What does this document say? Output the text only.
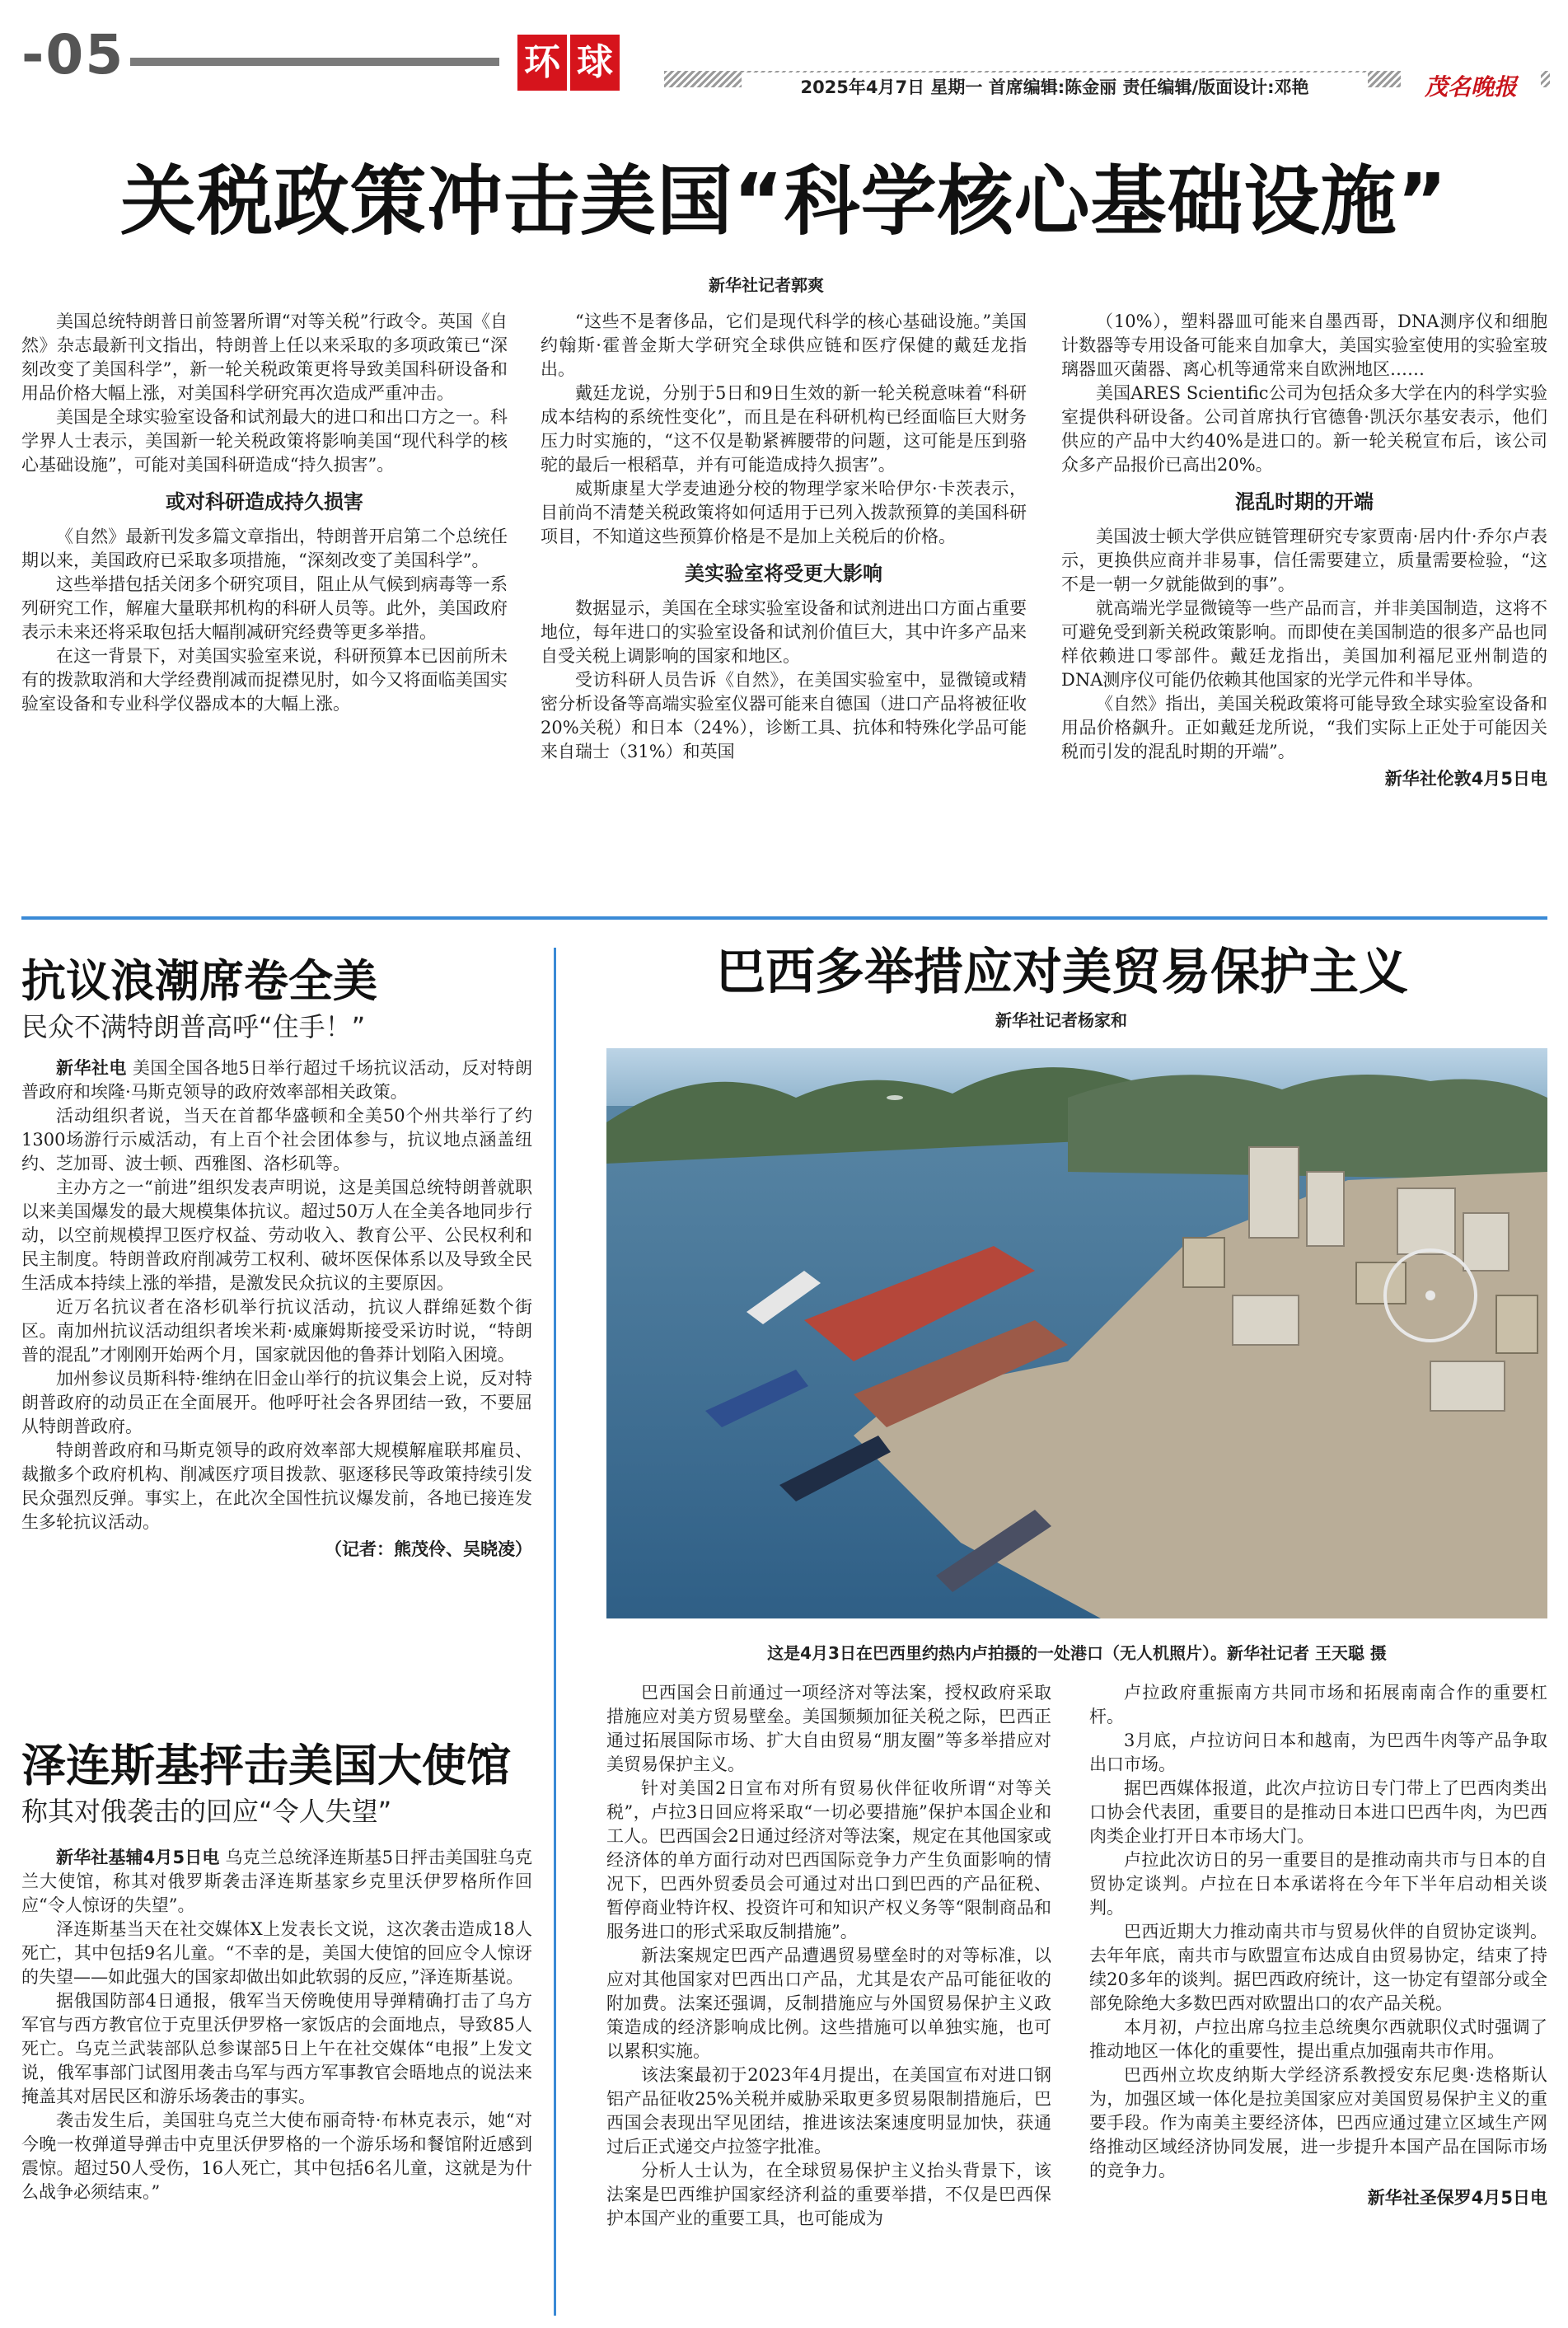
-05	环 球
2025年4月7日 星期一 首席编辑:陈金丽 责任编辑/版面设计:邓艳	茂名晚报
关税政策冲击美国“科学核心基础设施”
新华社记者郭爽

美国总统特朗普日前签署所谓“对等关税”行政令。英国《自然》杂志最新刊文指出，特朗普上任以来采取的多项政策已“深刻改变了美国科学”，新一轮关税政策更将导致美国科研设备和用品价格大幅上涨，对美国科学研究再次造成严重冲击。

美国是全球实验室设备和试剂最大的进口和出口方之一。科学界人士表示，美国新一轮关税政策将影响美国“现代科学的核心基础设施”，可能对美国科研造成“持久损害”。

或对科研造成持久损害

《自然》最新刊发多篇文章指出，特朗普开启第二个总统任期以来，美国政府已采取多项措施，“深刻改变了美国科学”。

这些举措包括关闭多个研究项目，阻止从气候到病毒等一系列研究工作，解雇大量联邦机构的科研人员等。此外，美国政府表示未来还将采取包括大幅削减研究经费等更多举措。

在这一背景下，对美国实验室来说，科研预算本已因前所未有的拨款取消和大学经费削减而捉襟见肘，如今又将面临美国实验室设备和专业科学仪器成本的大幅上涨。

“这些不是奢侈品，它们是现代科学的核心基础设施。”美国约翰斯·霍普金斯大学研究全球供应链和医疗保健的戴廷龙指出。

戴廷龙说，分别于5日和9日生效的新一轮关税意味着“科研成本结构的系统性变化”，而且是在科研机构已经面临巨大财务压力时实施的，“这不仅是勒紧裤腰带的问题，这可能是压到骆驼的最后一根稻草，并有可能造成持久损害”。

威斯康星大学麦迪逊分校的物理学家米哈伊尔·卡茨表示，目前尚不清楚关税政策将如何适用于已列入拨款预算的美国科研项目，不知道这些预算价格是不是加上关税后的价格。

美实验室将受更大影响

数据显示，美国在全球实验室设备和试剂进出口方面占重要地位，每年进口的实验室设备和试剂价值巨大，其中许多产品来自受关税上调影响的国家和地区。

受访科研人员告诉《自然》，在美国实验室中，显微镜或精密分析设备等高端实验室仪器可能来自德国（进口产品将被征收20%关税）和日本（24%），诊断工具、抗体和特殊化学品可能来自瑞士（31%）和英国

（10%），塑料器皿可能来自墨西哥，DNA测序仪和细胞计数器等专用设备可能来自加拿大，美国实验室使用的实验室玻璃器皿灭菌器、离心机等通常来自欧洲地区……

美国ARES Scientific公司为包括众多大学在内的科学实验室提供科研设备。公司首席执行官德鲁·凯沃尔基安表示，他们供应的产品中大约40%是进口的。新一轮关税宣布后，该公司众多产品报价已高出20%。

混乱时期的开端

美国波士顿大学供应链管理研究专家贾南·居内什·乔尔卢表示，更换供应商并非易事，信任需要建立，质量需要检验，“这不是一朝一夕就能做到的事”。

就高端光学显微镜等一些产品而言，并非美国制造，这将不可避免受到新关税政策影响。而即使在美国制造的很多产品也同样依赖进口零部件。戴廷龙指出，美国加利福尼亚州制造的DNA测序仪可能仍依赖其他国家的光学元件和半导体。

《自然》指出，美国关税政策将可能导致全球实验室设备和用品价格飙升。正如戴廷龙所说，“我们实际上正处于可能因关税而引发的混乱时期的开端”。

新华社伦敦4月5日电

抗议浪潮席卷全美
民众不满特朗普高呼“住手！”

新华社电 美国全国各地5日举行超过千场抗议活动，反对特朗普政府和埃隆·马斯克领导的政府效率部相关政策。

活动组织者说，当天在首都华盛顿和全美50个州共举行了约1300场游行示威活动，有上百个社会团体参与，抗议地点涵盖纽约、芝加哥、波士顿、西雅图、洛杉矶等。

主办方之一“前进”组织发表声明说，这是美国总统特朗普就职以来美国爆发的最大规模集体抗议。超过50万人在全美各地同步行动，以空前规模捍卫医疗权益、劳动收入、教育公平、公民权利和民主制度。特朗普政府削减劳工权利、破坏医保体系以及导致全民生活成本持续上涨的举措，是激发民众抗议的主要原因。

近万名抗议者在洛杉矶举行抗议活动，抗议人群绵延数个街区。南加州抗议活动组织者埃米莉·威廉姆斯接受采访时说，“特朗普的混乱”才刚刚开始两个月，国家就因他的鲁莽计划陷入困境。

加州参议员斯科特·维纳在旧金山举行的抗议集会上说，反对特朗普政府的动员正在全面展开。他呼吁社会各界团结一致，不要屈从特朗普政府。

特朗普政府和马斯克领导的政府效率部大规模解雇联邦雇员、裁撤多个政府机构、削减医疗项目拨款、驱逐移民等政策持续引发民众强烈反弹。事实上，在此次全国性抗议爆发前，各地已接连发生多轮抗议活动。

（记者：熊茂伶、吴晓凌）

泽连斯基抨击美国大使馆
称其对俄袭击的回应“令人失望”

新华社基辅4月5日电 乌克兰总统泽连斯基5日抨击美国驻乌克兰大使馆，称其对俄罗斯袭击泽连斯基家乡克里沃伊罗格所作回应“令人惊讶的失望”。

泽连斯基当天在社交媒体X上发表长文说，这次袭击造成18人死亡，其中包括9名儿童。“不幸的是，美国大使馆的回应令人惊讶的失望——如此强大的国家却做出如此软弱的反应，”泽连斯基说。

据俄国防部4日通报，俄军当天傍晚使用导弹精确打击了乌方军官与西方教官位于克里沃伊罗格一家饭店的会面地点，导致85人死亡。乌克兰武装部队总参谋部5日上午在社交媒体“电报”上发文说，俄军事部门试图用袭击乌军与西方军事教官会晤地点的说法来掩盖其对居民区和游乐场袭击的事实。

袭击发生后，美国驻乌克兰大使布丽奇特·布林克表示，她“对今晚一枚弹道导弹击中克里沃伊罗格的一个游乐场和餐馆附近感到震惊。超过50人受伤，16人死亡，其中包括6名儿童，这就是为什么战争必须结束。”

巴西多举措应对美贸易保护主义
新华社记者杨家和
这是4月3日在巴西里约热内卢拍摄的一处港口（无人机照片）。新华社记者 王天聪 摄

巴西国会日前通过一项经济对等法案，授权政府采取措施应对美方贸易壁垒。美国频频加征关税之际，巴西正通过拓展国际市场、扩大自由贸易“朋友圈”等多举措应对美贸易保护主义。

针对美国2日宣布对所有贸易伙伴征收所谓“对等关税”，卢拉3日回应将采取“一切必要措施”保护本国企业和工人。巴西国会2日通过经济对等法案，规定在其他国家或经济体的单方面行动对巴西国际竞争力产生负面影响的情况下，巴西外贸委员会可通过对出口到巴西的产品征税、暂停商业特许权、投资许可和知识产权义务等“限制商品和服务进口的形式采取反制措施”。

新法案规定巴西产品遭遇贸易壁垒时的对等标准，以应对其他国家对巴西出口产品，尤其是农产品可能征收的附加费。法案还强调，反制措施应与外国贸易保护主义政策造成的经济影响成比例。这些措施可以单独实施，也可以累积实施。

该法案最初于2023年4月提出，在美国宣布对进口钢铝产品征收25%关税并威胁采取更多贸易限制措施后，巴西国会表现出罕见团结，推进该法案速度明显加快，获通过后正式递交卢拉签字批准。

分析人士认为，在全球贸易保护主义抬头背景下，该法案是巴西维护国家经济利益的重要举措，不仅是巴西保护本国产业的重要工具，也可能成为

卢拉政府重振南方共同市场和拓展南南合作的重要杠杆。

3月底，卢拉访问日本和越南，为巴西牛肉等产品争取出口市场。

据巴西媒体报道，此次卢拉访日专门带上了巴西肉类出口协会代表团，重要目的是推动日本进口巴西牛肉，为巴西肉类企业打开日本市场大门。

卢拉此次访日的另一重要目的是推动南共市与日本的自贸协定谈判。卢拉在日本承诺将在今年下半年启动相关谈判。

巴西近期大力推动南共市与贸易伙伴的自贸协定谈判。去年年底，南共市与欧盟宣布达成自由贸易协定，结束了持续20多年的谈判。据巴西政府统计，这一协定有望部分或全部免除绝大多数巴西对欧盟出口的农产品关税。

本月初，卢拉出席乌拉圭总统奥尔西就职仪式时强调了推动地区一体化的重要性，提出重点加强南共市作用。

巴西州立坎皮纳斯大学经济系教授安东尼奥·迭格斯认为，加强区域一体化是拉美国家应对美国贸易保护主义的重要手段。作为南美主要经济体，巴西应通过建立区域生产网络推动区域经济协同发展，进一步提升本国产品在国际市场的竞争力。

新华社圣保罗4月5日电
